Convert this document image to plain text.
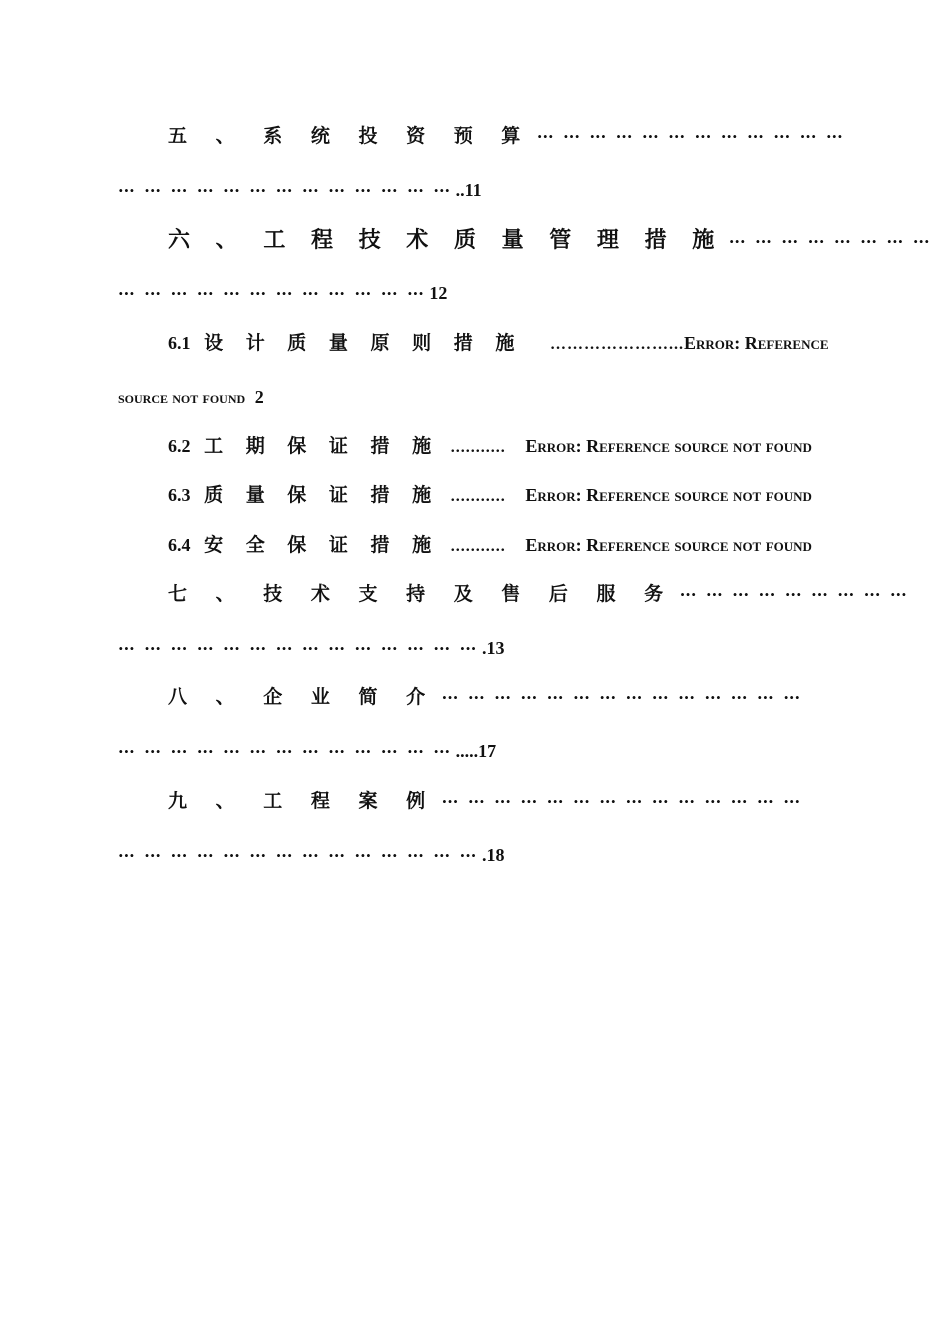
五 、 系 统 投 资 预 算 ··· ··· ··· ··· ··· ··· ··· ··· ··· ··· ··· ···
··· ··· ··· ··· ··· ··· ··· ··· ··· ··· ··· ··· ··· ..11
六 、 工 程 技 术 质 量 管 理 措 施 ··· ··· ··· ··· ··· ··· ··· ···
··· ··· ··· ··· ··· ··· ··· ··· ··· ··· ··· ··· 12
6.1 设 计 质 量 原 则 措 施 …………………...Error: Reference
source not found 2
6.2 工 期 保 证 措 施 ........... Error: Reference source not found
6.3 质 量 保 证 措 施 ........... Error: Reference source not found
6.4 安 全 保 证 措 施 ........... Error: Reference source not found
七 、 技 术 支 持 及 售 后 服 务 ··· ··· ··· ··· ··· ··· ··· ··· ···
··· ··· ··· ··· ··· ··· ··· ··· ··· ··· ··· ··· ··· ··· .13
八 、 企 业 简 介 ··· ··· ··· ··· ··· ··· ··· ··· ··· ··· ··· ··· ··· ···
··· ··· ··· ··· ··· ··· ··· ··· ··· ··· ··· ··· ··· .....17
九 、 工 程 案 例 ··· ··· ··· ··· ··· ··· ··· ··· ··· ··· ··· ··· ··· ···
··· ··· ··· ··· ··· ··· ··· ··· ··· ··· ··· ··· ··· ··· .18
